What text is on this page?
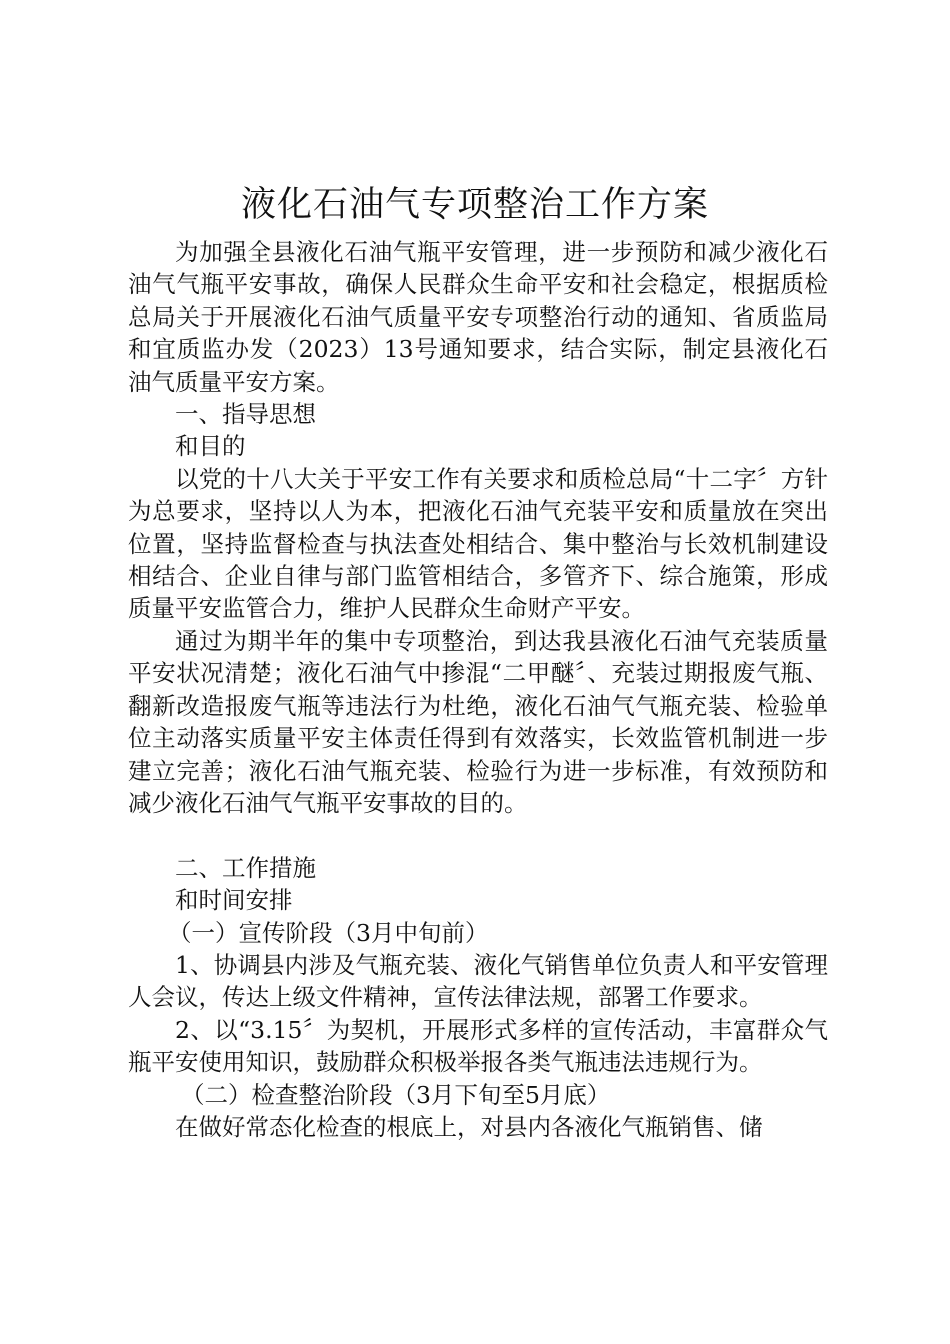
液化石油气专项整治工作方案

为加强全县液化石油气瓶平安管理，进一步预防和减少液化石油气气瓶平安事故，确保人民群众生命平安和社会稳定，根据质检总局关于开展液化石油气质量平安专项整治行动的通知、省质监局和宜质监办发（2023）13号通知要求，结合实际，制定县液化石油气质量平安方案。

一、指导思想

和目的

以党的十八大关于平安工作有关要求和质检总局“十二字〞方针为总要求，坚持以人为本，把液化石油气充装平安和质量放在突出位置，坚持监督检查与执法查处相结合、集中整治与长效机制建设相结合、企业自律与部门监管相结合，多管齐下、综合施策，形成质量平安监管合力，维护人民群众生命财产平安。

通过为期半年的集中专项整治，到达我县液化石油气充装质量平安状况清楚；液化石油气中掺混“二甲醚〞、充装过期报废气瓶、翻新改造报废气瓶等违法行为杜绝，液化石油气气瓶充装、检验单位主动落实质量平安主体责任得到有效落实，长效监管机制进一步建立完善；液化石油气瓶充装、检验行为进一步标准，有效预防和减少液化石油气气瓶平安事故的目的。

二、工作措施

和时间安排

（一）宣传阶段（3月中旬前）

1、协调县内涉及气瓶充装、液化气销售单位负责人和平安管理人会议，传达上级文件精神，宣传法律法规，部署工作要求。

2、以“3.15〞为契机，开展形式多样的宣传活动，丰富群众气瓶平安使用知识，鼓励群众积极举报各类气瓶违法违规行为。

（二）检查整治阶段（3月下旬至5月底）

在做好常态化检查的根底上，对县内各液化气瓶销售、储
